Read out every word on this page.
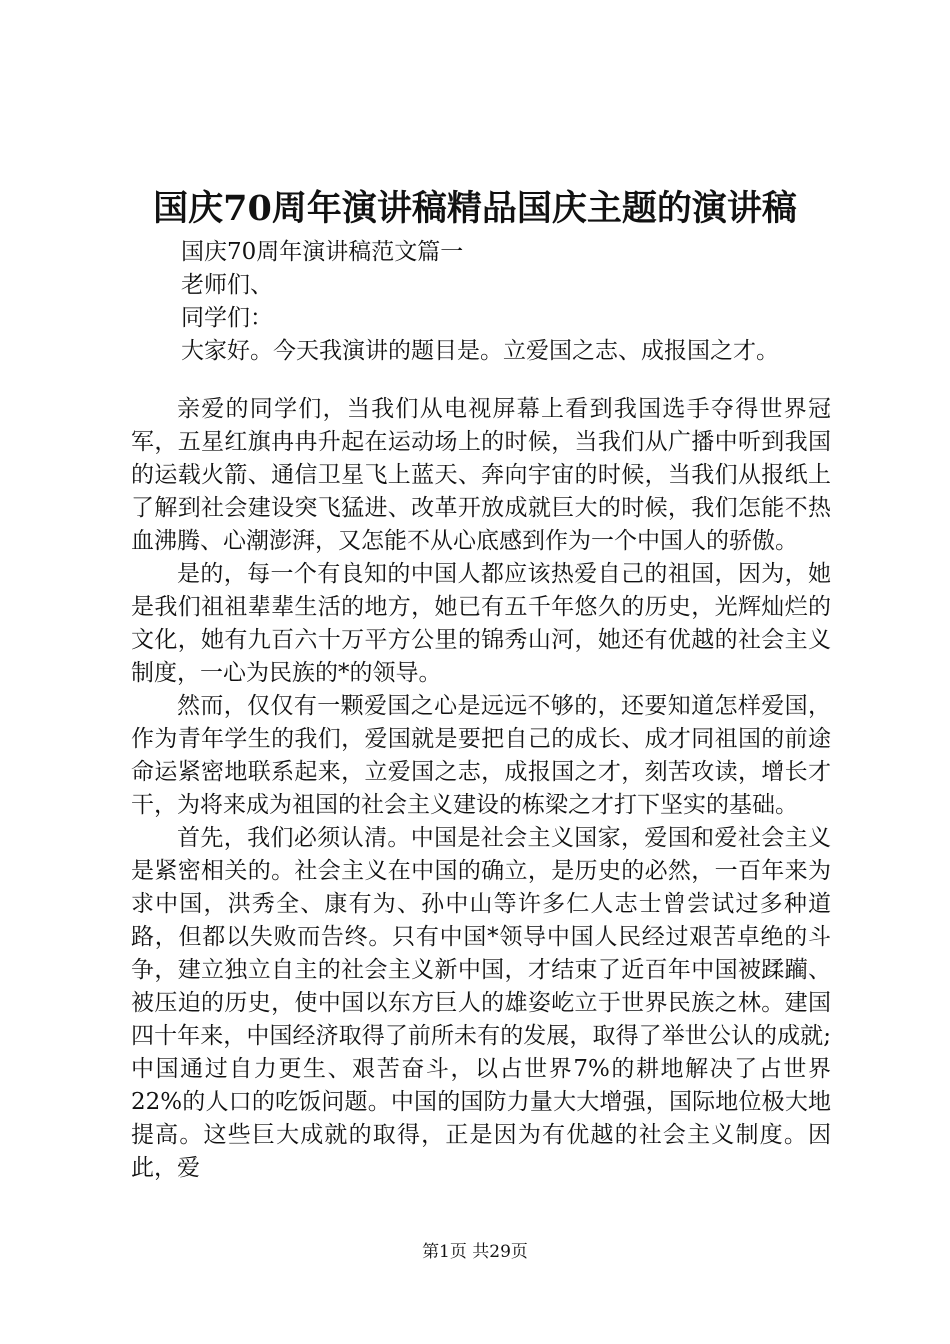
国庆70周年演讲稿精品国庆主题的演讲稿
国庆70周年演讲稿范文篇一
老师们、
同学们：
大家好。今天我演讲的题目是。立爱国之志、成报国之才。

亲爱的同学们，当我们从电视屏幕上看到我国选手夺得世界冠军，五星红旗冉冉升起在运动场上的时候，当我们从广播中听到我国的运载火箭、通信卫星飞上蓝天、奔向宇宙的时候，当我们从报纸上了解到社会建设突飞猛进、改革开放成就巨大的时候，我们怎能不热血沸腾、心潮澎湃，又怎能不从心底感到作为一个中国人的骄傲。

是的，每一个有良知的中国人都应该热爱自己的祖国，因为，她是我们祖祖辈辈生活的地方，她已有五千年悠久的历史，光辉灿烂的文化，她有九百六十万平方公里的锦秀山河，她还有优越的社会主义制度，一心为民族的*的领导。

然而，仅仅有一颗爱国之心是远远不够的，还要知道怎样爱国，作为青年学生的我们，爱国就是要把自己的成长、成才同祖国的前途命运紧密地联系起来，立爱国之志，成报国之才，刻苦攻读，增长才干，为将来成为祖国的社会主义建设的栋梁之才打下坚实的基础。

首先，我们必须认清。中国是社会主义国家，爱国和爱社会主义是紧密相关的。社会主义在中国的确立，是历史的必然，一百年来为求中国，洪秀全、康有为、孙中山等许多仁人志士曾尝试过多种道路，但都以失败而告终。只有中国*领导中国人民经过艰苦卓绝的斗争，建立独立自主的社会主义新中国，才结束了近百年中国被蹂躏、被压迫的历史，使中国以东方巨人的雄姿屹立于世界民族之林。建国四十年来，中国经济取得了前所未有的发展，取得了举世公认的成就;中国通过自力更生、艰苦奋斗，以占世界7%的耕地解决了占世界22%的人口的吃饭问题。中国的国防力量大大增强，国际地位极大地提高。这些巨大成就的取得，正是因为有优越的社会主义制度。因此，爱

第1页 共29页
